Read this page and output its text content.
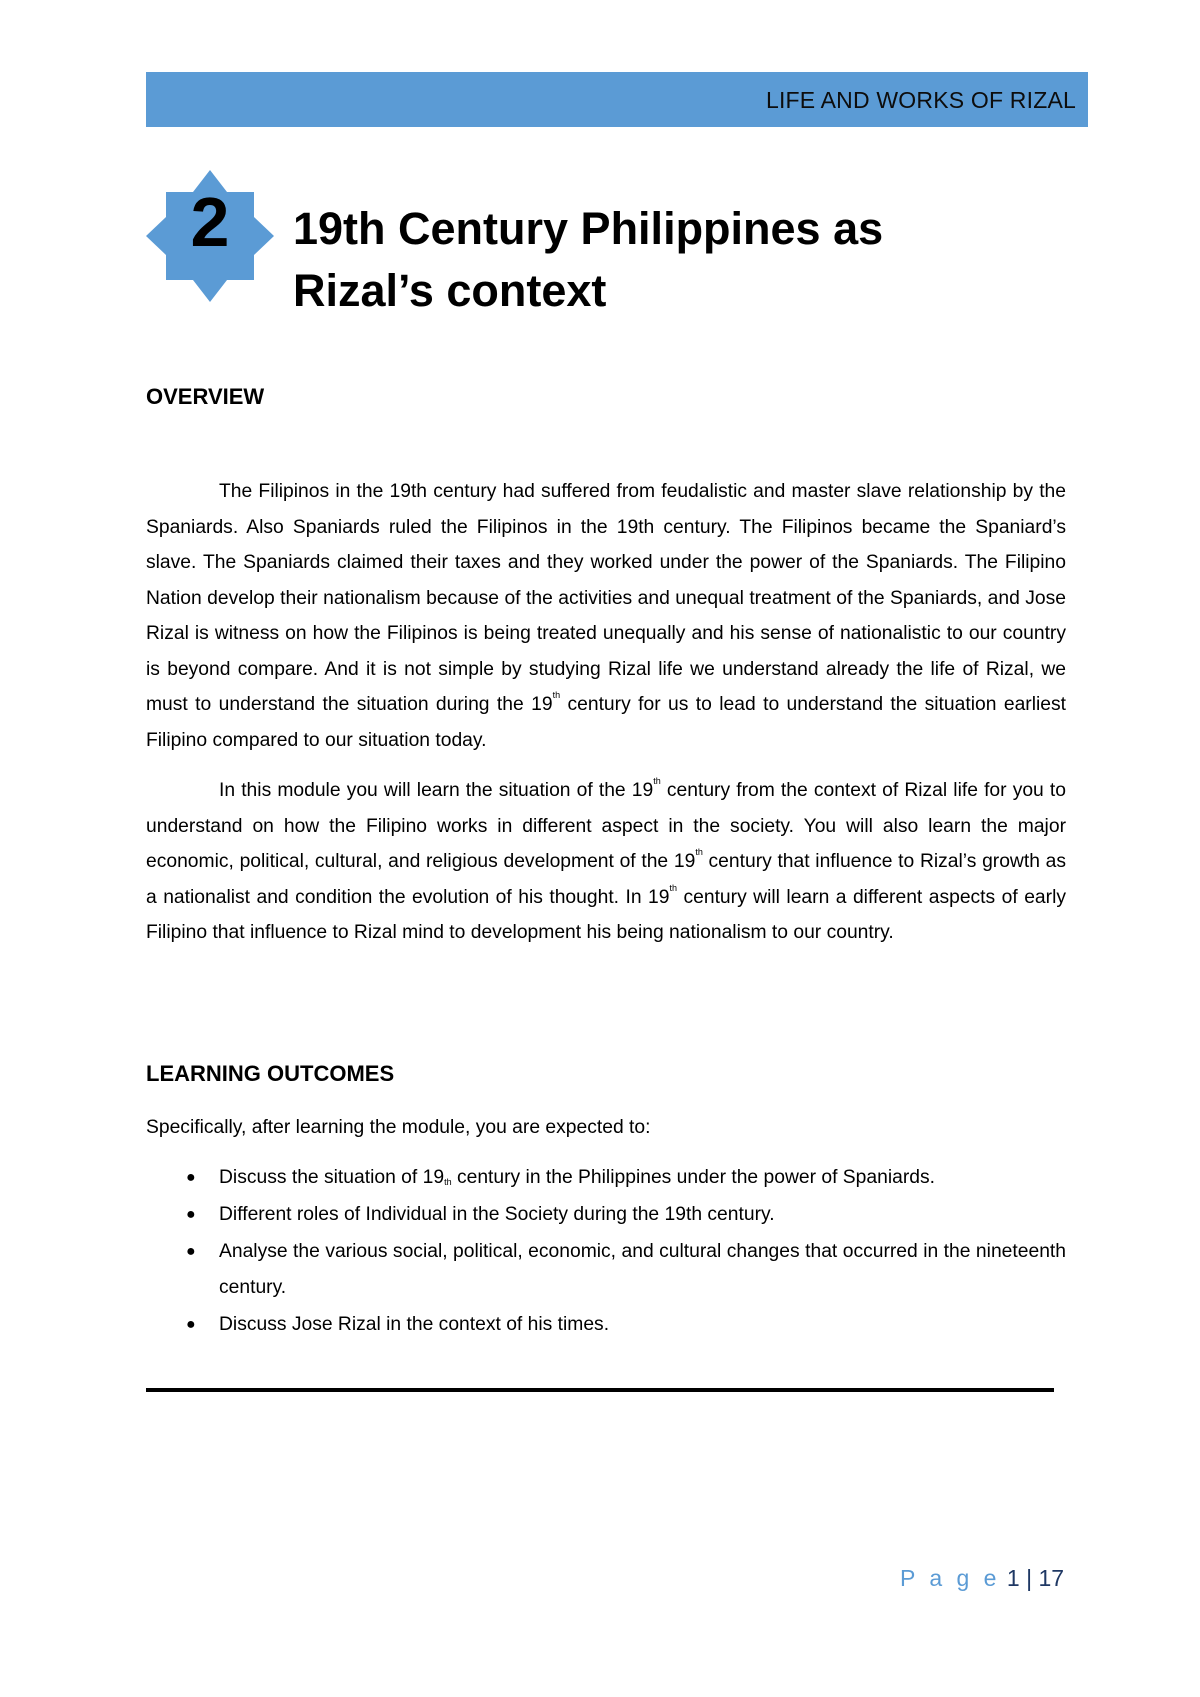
LIFE AND WORKS OF RIZAL
2	19th Century Philippines as
Rizal’s context
OVERVIEW

The Filipinos in the 19th century had suffered from feudalistic and master slave relationship by the Spaniards. Also Spaniards ruled the Filipinos in the 19th century. The Filipinos became the Spaniard’s slave. The Spaniards claimed their taxes and they worked under the power of the Spaniards. The Filipino Nation develop their nationalism because of the activities and unequal treatment of the Spaniards, and Jose Rizal is witness on how the Filipinos is being treated unequally and his sense of nationalistic to our country is beyond compare. And it is not simple by studying Rizal life we understand already the life of Rizal, we must to understand the situation during the 19th century for us to lead to understand the situation earliest Filipino compared to our situation today.

In this module you will learn the situation of the 19th century from the context of Rizal life for you to understand on how the Filipino works in different aspect in the society. You will also learn the major economic, political, cultural, and religious development of the 19th century that influence to Rizal’s growth as a nationalist and condition the evolution of his thought. In 19th century will learn a different aspects of early Filipino that influence to Rizal mind to development his being nationalism to our country.

LEARNING OUTCOMES

Specifically, after learning the module, you are expected to:

● Discuss the situation of 19th century in the Philippines under the power of Spaniards.
● Different roles of Individual in the Society during the 19th century.
● Analyse the various social, political, economic, and cultural changes that occurred in the nineteenth century.
● Discuss Jose Rizal in the context of his times.
P a g e 1 | 17
